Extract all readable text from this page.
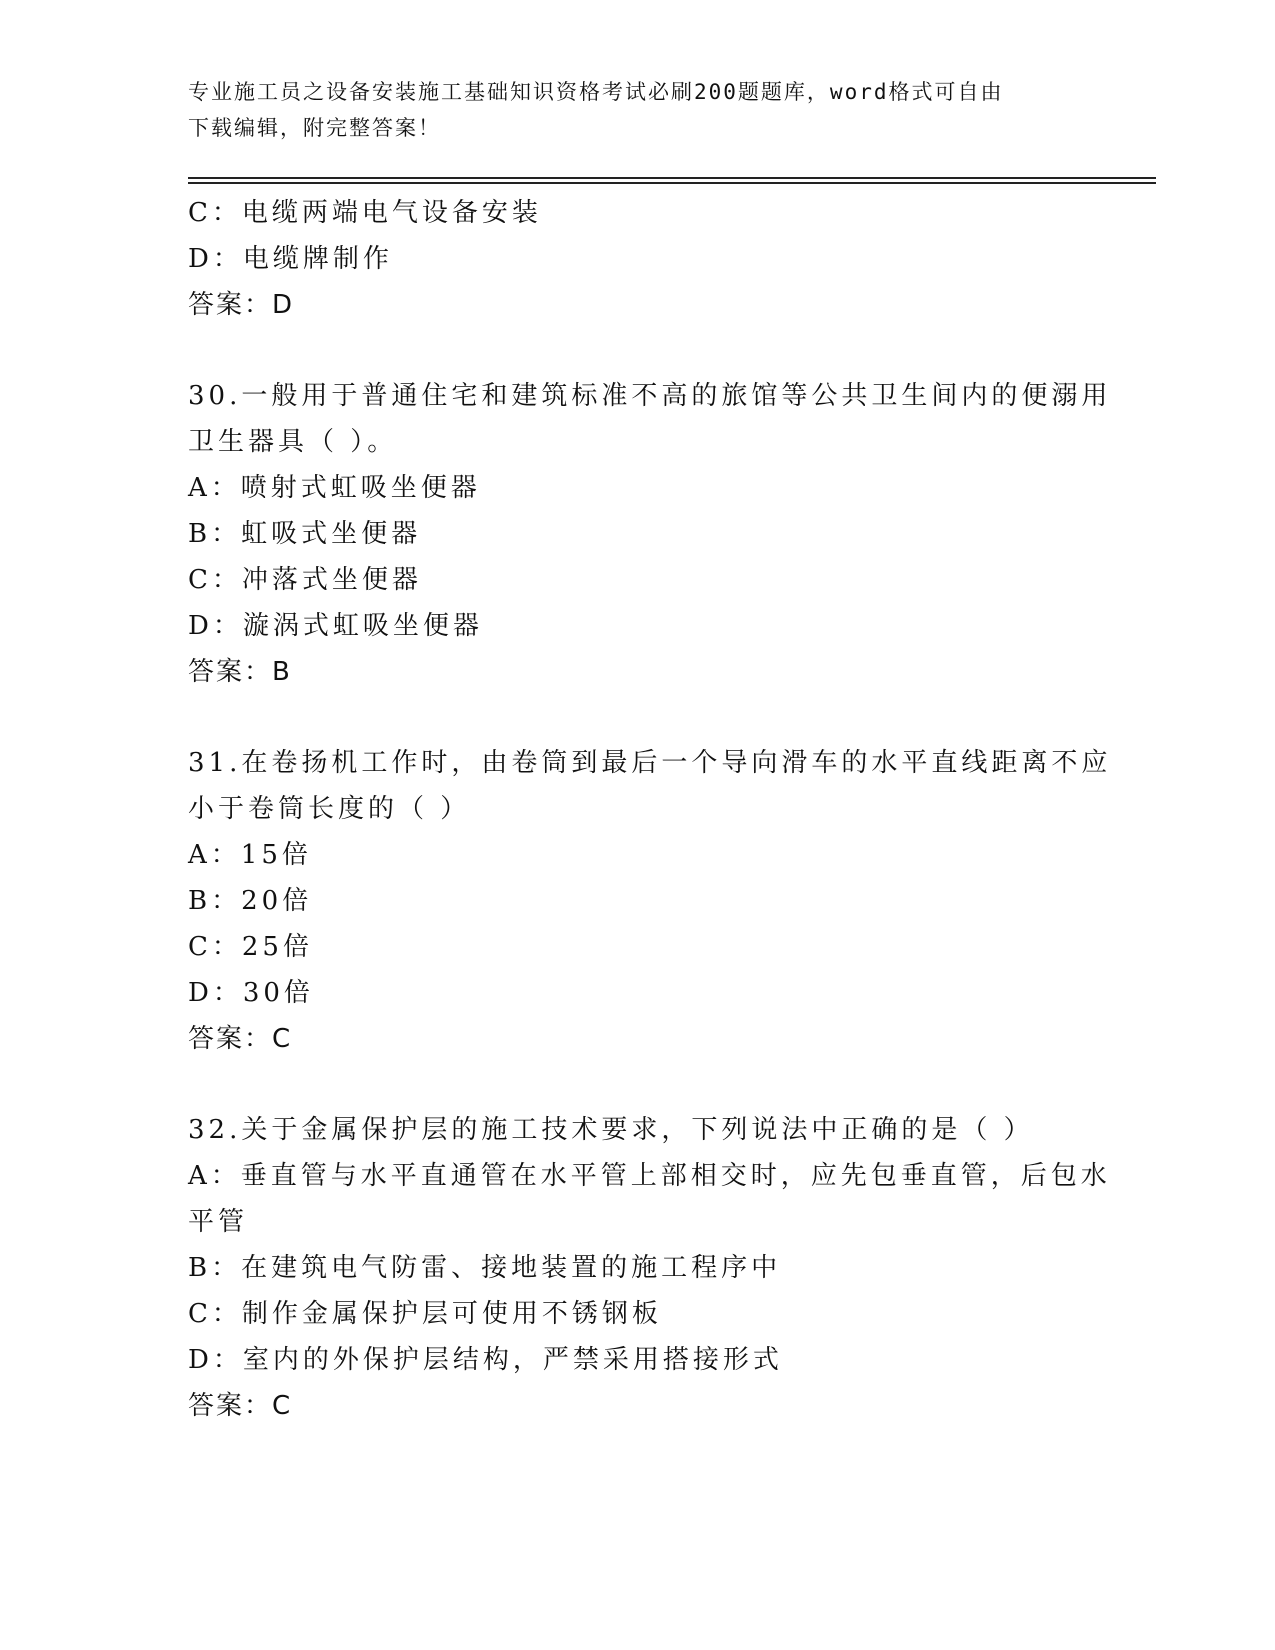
专业施工员之设备安装施工基础知识资格考试必刷200题题库，word格式可自由
下载编辑，附完整答案！
C：电缆两端电气设备安装
D：电缆牌制作
答案：D
30.一般用于普通住宅和建筑标准不高的旅馆等公共卫生间内的便溺用
卫生器具（ ）。
A：喷射式虹吸坐便器
B：虹吸式坐便器
C：冲落式坐便器
D：漩涡式虹吸坐便器
答案：B
31.在卷扬机工作时，由卷筒到最后一个导向滑车的水平直线距离不应
小于卷筒长度的（ ）
A：15倍
B：20倍
C：25倍
D：30倍
答案：C
32.关于金属保护层的施工技术要求，下列说法中正确的是（ ）
A：垂直管与水平直通管在水平管上部相交时，应先包垂直管，后包水
平管
B：在建筑电气防雷、接地装置的施工程序中
C：制作金属保护层可使用不锈钢板
D：室内的外保护层结构，严禁采用搭接形式
答案：C
